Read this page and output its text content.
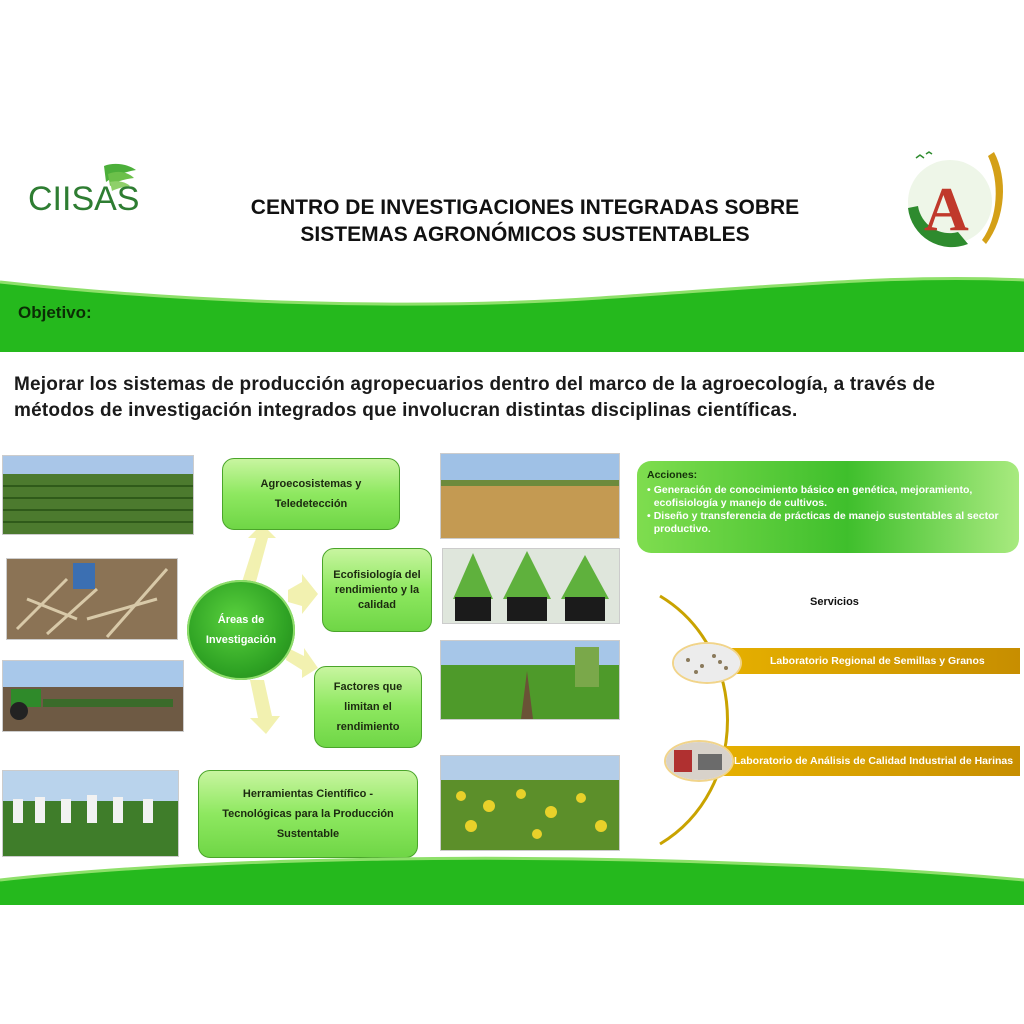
CIISAS	CENTRO DE INVESTIGACIONES INTEGRADAS SOBRE
SISTEMAS AGRONÓMICOS SUSTENTABLES	A
Objetivo:
Mejorar los sistemas de producción agropecuarios dentro del marco de la agroecología, a través de métodos de investigación integrados que involucran distintas disciplinas científicas.
Agroecosistemas y Teledetección
Ecofisiología del rendimiento y la calidad
Áreas de Investigación
Factores que limitan el rendimiento
Herramientas Científico - Tecnológicas para la Producción Sustentable
Acciones:
• Generación de conocimiento básico en genética, mejoramiento, ecofisiología y manejo de cultivos.
• Diseño y transferencia de prácticas de manejo sustentables al sector productivo.
Servicios
Laboratorio Regional de Semillas y Granos
Laboratorio de Análisis de Calidad Industrial de Harinas
